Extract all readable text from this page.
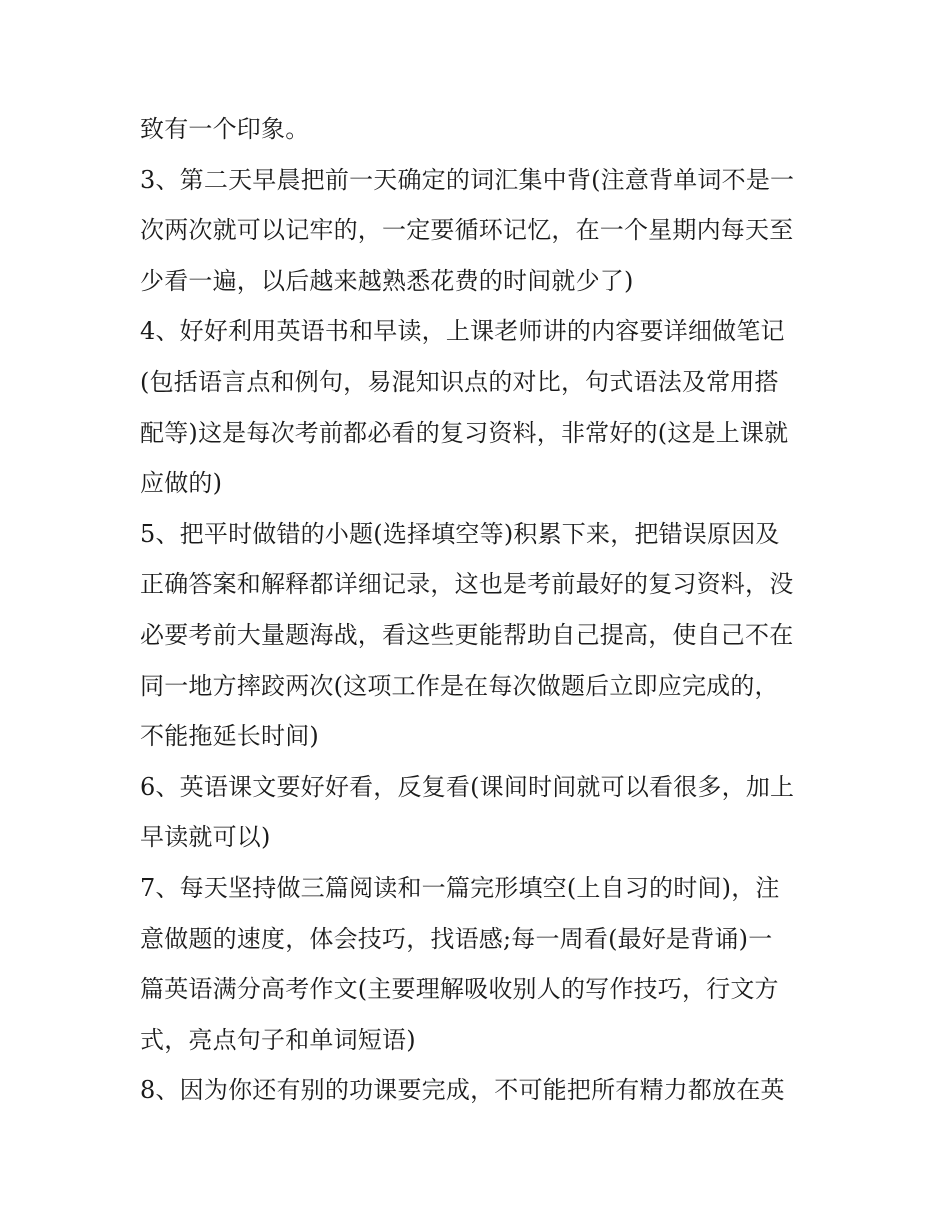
致有一个印象。
3、第二天早晨把前一天确定的词汇集中背(注意背单词不是一
次两次就可以记牢的，一定要循环记忆，在一个星期内每天至
少看一遍，以后越来越熟悉花费的时间就少了)
4、好好利用英语书和早读，上课老师讲的内容要详细做笔记
(包括语言点和例句，易混知识点的对比，句式语法及常用搭
配等)这是每次考前都必看的复习资料，非常好的(这是上课就
应做的)
5、把平时做错的小题(选择填空等)积累下来，把错误原因及
正确答案和解释都详细记录，这也是考前最好的复习资料，没
必要考前大量题海战，看这些更能帮助自己提高，使自己不在
同一地方摔跤两次(这项工作是在每次做题后立即应完成的，
不能拖延长时间)
6、英语课文要好好看，反复看(课间时间就可以看很多，加上
早读就可以)
7、每天坚持做三篇阅读和一篇完形填空(上自习的时间)，注
意做题的速度，体会技巧，找语感;每一周看(最好是背诵)一
篇英语满分高考作文(主要理解吸收别人的写作技巧，行文方
式，亮点句子和单词短语)
8、因为你还有别的功课要完成，不可能把所有精力都放在英
